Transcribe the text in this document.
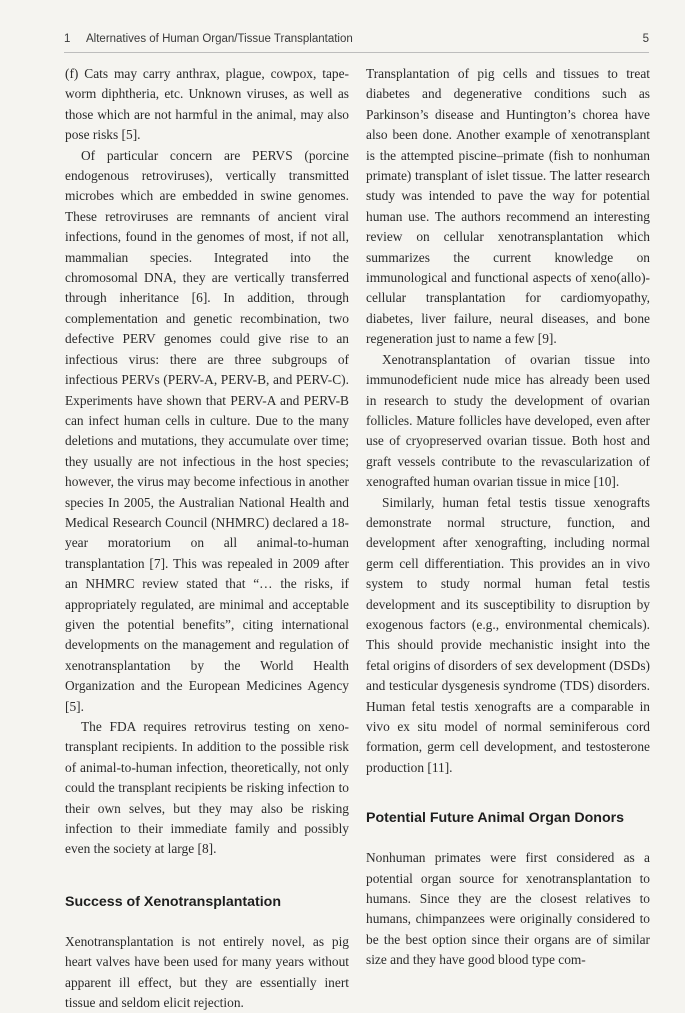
1 Alternatives of Human Organ/Tissue Transplantation	5

(f) Cats may carry anthrax, plague, cowpox, tapeworm diphtheria, etc. Unknown viruses, as well as those which are not harmful in the animal, may also pose risks [5].

Of particular concern are PERVS (porcine endogenous retroviruses), vertically transmitted microbes which are embedded in swine genomes. These retroviruses are remnants of ancient viral infections, found in the genomes of most, if not all, mammalian species. Integrated into the chromosomal DNA, they are vertically transferred through inheritance [6]. In addition, through complementation and genetic recombination, two defective PERV genomes could give rise to an infectious virus: there are three subgroups of infectious PERVs (PERV-A, PERV-B, and PERV-C). Experiments have shown that PERV-A and PERV-B can infect human cells in culture. Due to the many deletions and mutations, they accumulate over time; they usually are not infectious in the host species; however, the virus may become infectious in another species In 2005, the Australian National Health and Medical Research Council (NHMRC) declared a 18-year moratorium on all animal-to-human transplantation [7]. This was repealed in 2009 after an NHMRC review stated that “… the risks, if appropriately regulated, are minimal and acceptable given the potential benefits”, citing international developments on the management and regulation of xenotransplantation by the World Health Organization and the European Medicines Agency [5].

The FDA requires retrovirus testing on xenotransplant recipients. In addition to the possible risk of animal-to-human infection, theoretically, not only could the transplant recipients be risking infection to their own selves, but they may also be risking infection to their immediate family and possibly even the society at large [8].

Success of Xenotransplantation

Xenotransplantation is not entirely novel, as pig heart valves have been used for many years without apparent ill effect, but they are essentially inert tissue and seldom elicit rejection.

Transplantation of pig cells and tissues to treat diabetes and degenerative conditions such as Parkinson’s disease and Huntington’s chorea have also been done. Another example of xenotransplant is the attempted piscine–primate (fish to nonhuman primate) transplant of islet tissue. The latter research study was intended to pave the way for potential human use. The authors recommend an interesting review on cellular xenotransplantation which summarizes the current knowledge on immunological and functional aspects of xeno(allo)-cellular transplantation for cardiomyopathy, diabetes, liver failure, neural diseases, and bone regeneration just to name a few [9].

Xenotransplantation of ovarian tissue into immunodeficient nude mice has already been used in research to study the development of ovarian follicles. Mature follicles have developed, even after use of cryopreserved ovarian tissue. Both host and graft vessels contribute to the revascularization of xenografted human ovarian tissue in mice [10].

Similarly, human fetal testis tissue xenografts demonstrate normal structure, function, and development after xenografting, including normal germ cell differentiation. This provides an in vivo system to study normal human fetal testis development and its susceptibility to disruption by exogenous factors (e.g., environmental chemicals). This should provide mechanistic insight into the fetal origins of disorders of sex development (DSDs) and testicular dysgenesis syndrome (TDS) disorders. Human fetal testis xenografts are a comparable in vivo ex situ model of normal seminiferous cord formation, germ cell development, and testosterone production [11].

Potential Future Animal Organ Donors

Nonhuman primates were first considered as a potential organ source for xenotransplantation to humans. Since they are the closest relatives to humans, chimpanzees were originally considered to be the best option since their organs are of similar size and they have good blood type com-
